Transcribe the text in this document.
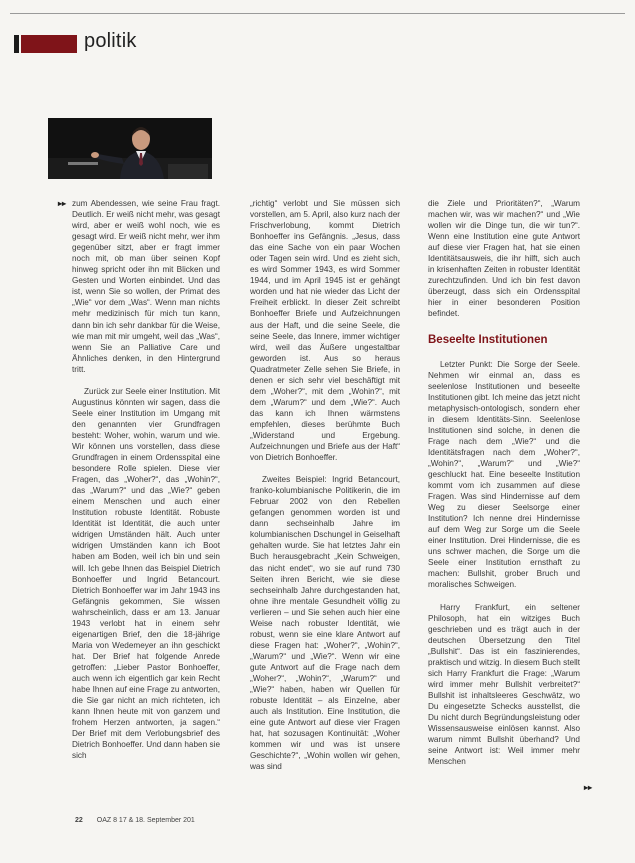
politik
▸▸ zum Abendessen, wie seine Frau fragt. Deutlich. Er weiß nicht mehr, was gesagt wird, aber er weiß wohl noch, wie es gesagt wird. Er weiß nicht mehr, wer ihm gegenüber sitzt, aber er fragt immer noch mit, ob man über seinen Kopf hinweg spricht oder ihn mit Blicken und Gesten und Worten einbindet. Und das ist, wenn Sie so wollen, der Primat des „Wie“ vor dem „Was“. Wenn man nichts mehr medizinisch für mich tun kann, dann bin ich sehr dankbar für die Weise, wie man mit mir umgeht, weil das „Was“, wenn Sie an Palliative Care und Ähnliches denken, in den Hintergrund tritt.

Zurück zur Seele einer Institution. Mit Augustinus könnten wir sagen, dass die Seele einer Institution im Umgang mit den genannten vier Grundfragen besteht: Woher, wohin, warum und wie. Wir können uns vorstellen, dass diese Grundfragen in einem Ordensspital eine besondere Rolle spielen. Diese vier Fragen, das „Woher?“, das „Wohin?“, das „Warum?“ und das „Wie?“ geben einem Menschen und auch einer Institution robuste Identität. Robuste Identität ist Identität, die auch unter widrigen Umständen hält. Auch unter widrigen Umständen kann ich Boot haben am Boden, weil ich bin und sein will. Ich gebe Ihnen das Beispiel Dietrich Bonhoeffer und Ingrid Betancourt. Dietrich Bonhoeffer war im Jahr 1943 ins Gefängnis gekommen, Sie wissen wahrscheinlich, dass er am 13. Januar 1943 verlobt hat in einem sehr eigenartigen Brief, den die 18-jährige Maria von Wedemeyer an ihn geschickt hat. Der Brief hat folgende Anrede getroffen: „Lieber Pastor Bonhoeffer, auch wenn ich eigentlich gar kein Recht habe Ihnen auf eine Frage zu antworten, die Sie gar nicht an mich richteten, ich kann Ihnen heute mit von ganzem und frohem Herzen antworten, ja sagen.“ Der Brief mit dem Verlobungsbrief des Dietrich Bonhoeffer. Und dann haben sie sich

„richtig“ verlobt und Sie müssen sich vorstellen, am 5. April, also kurz nach der Frischverlobung, kommt Dietrich Bonhoeffer ins Gefängnis. „Jesus, dass das eine Sache von ein paar Wochen oder Tagen sein wird. Und es zieht sich, es wird Sommer 1943, es wird Sommer 1944, und im April 1945 ist er gehängt worden und hat nie wieder das Licht der Freiheit erblickt. In dieser Zeit schreibt Bonhoeffer Briefe und Aufzeichnungen aus der Haft, und die seine Seele, die seine Seele, das Innere, immer wichtiger wird, weil das Äußere ungestaltbar geworden ist. Aus so heraus Quadratmeter Zelle sehen Sie Briefe, in denen er sich sehr viel beschäftigt mit dem „Woher?“, mit dem „Wohin?“, mit dem „Warum?“ und dem „Wie?“. Auch das kann ich Ihnen wärmstens empfehlen, dieses berühmte Buch „Widerstand und Ergebung. Aufzeichnungen und Briefe aus der Haft“ von Dietrich Bonhoeffer.

Zweites Beispiel: Ingrid Betancourt, franko-kolumbianische Politikerin, die im Februar 2002 von den Rebellen gefangen genommen worden ist und dann sechseinhalb Jahre im kolumbianischen Dschungel in Geiselhaft gehalten wurde. Sie hat letztes Jahr ein Buch herausgebracht „Kein Schweigen, das nicht endet“, wo sie auf rund 730 Seiten ihren Bericht, wie sie diese sechseinhalb Jahre durchgestanden hat, ohne ihre mentale Gesundheit völlig zu verlieren – und Sie sehen auch hier eine Weise nach robuster Identität, wie robust, wenn sie eine klare Antwort auf diese Fragen hat: „Woher?“, „Wohin?“, „Warum?“ und „Wie?“. Wenn wir eine gute Antwort auf die Frage nach dem „Woher?“, „Wohin?“, „Warum?“ und „Wie?“ haben, haben wir Quellen für robuste Identität – als Einzelne, aber auch als Institution. Eine Institution, die eine gute Antwort auf diese vier Fragen hat, hat sozusagen Kontinuität: „Woher kommen wir und was ist unsere Geschichte?“, „Wohin wollen wir gehen, was sind

die Ziele und Prioritäten?“, „Warum machen wir, was wir machen?“ und „Wie wollen wir die Dinge tun, die wir tun?“. Wenn eine Institution eine gute Antwort auf diese vier Fragen hat, hat sie einen Identitätsausweis, die ihr hilft, sich auch in krisenhaften Zeiten in robuster Identität zurechtzufinden. Und ich bin fest davon überzeugt, dass sich ein Ordensspital hier in einer besonderen Position befindet.

Beseelte Institutionen

Letzter Punkt: Die Sorge der Seele. Nehmen wir einmal an, dass es seelenlose Institutionen und beseelte Institutionen gibt. Ich meine das jetzt nicht metaphysisch-ontologisch, sondern eher in diesem Identitäts-Sinn. Seelenlose Institutionen sind solche, in denen die Frage nach dem „Wie?“ und die Identitätsfragen nach dem „Woher?“, „Wohin?“, „Warum?“ und „Wie?“ geschluckt hat. Eine beseelte Institution kommt vom ich zusammen auf diese Fragen. Was sind Hindernisse auf dem Weg zu dieser Seelsorge einer Institution? Ich nenne drei Hindernisse auf dem Weg zur Sorge um die Seele einer Institution. Drei Hindernisse, die es uns schwer machen, die Sorge um die Seele einer Institution ernsthaft zu machen: Bullshit, grober Bruch und moralisches Schweigen.

Harry Frankfurt, ein seltener Philosoph, hat ein witziges Buch geschrieben und es trägt auch in der deutschen Übersetzung den Titel „Bullshit“. Das ist ein faszinierendes, praktisch und witzig. In diesem Buch stellt sich Harry Frankfurt die Frage: „Warum wird immer mehr Bullshit verbreitet?“ Bullshit ist inhaltsleeres Geschwätz, wo Du eingesetzte Schecks ausstellst, die Du nicht durch Begründungsleistung oder Wissensausweise einlösen kannst. Also warum nimmt Bullshit überhand? Und seine Antwort ist: Weil immer mehr Menschen

▸▸
22 OAZ 8 17 & 18. September 201
